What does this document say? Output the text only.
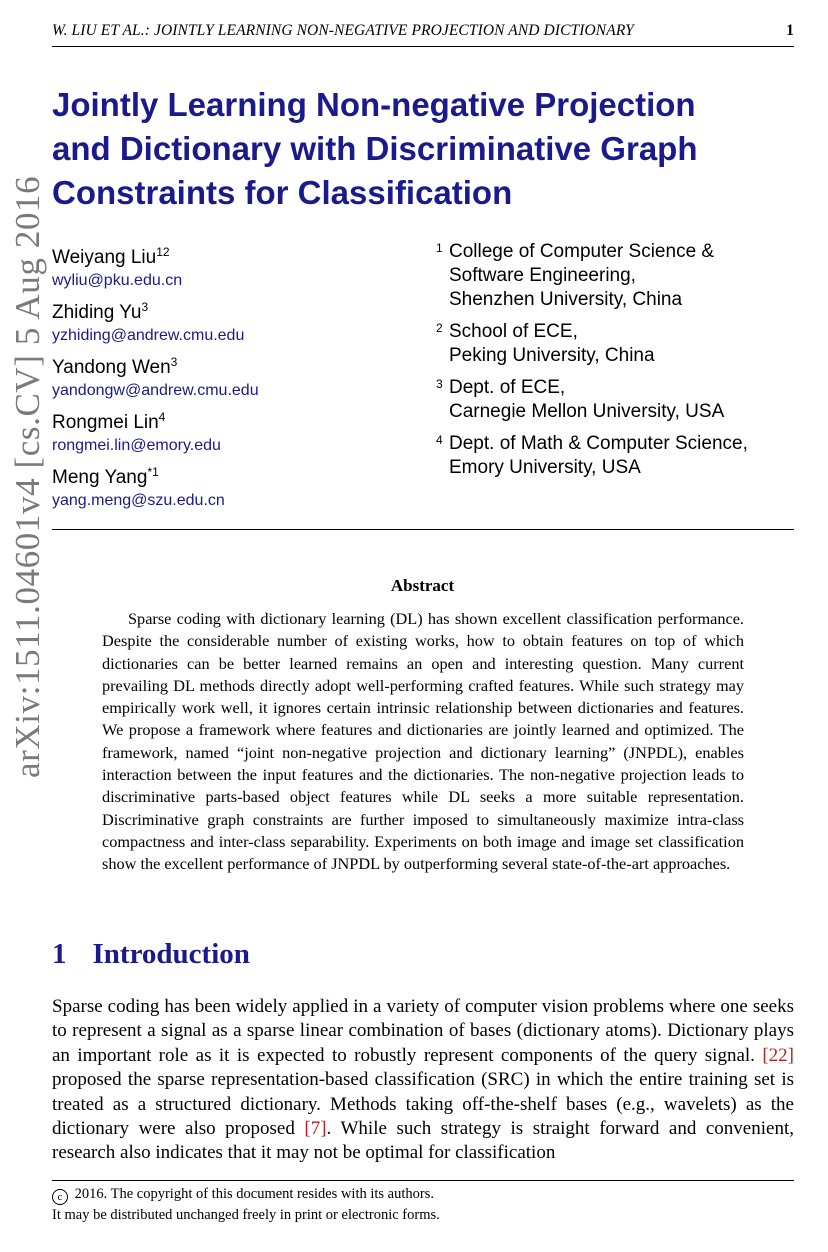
W. LIU ET AL.: JOINTLY LEARNING NON-NEGATIVE PROJECTION AND DICTIONARY	1
arXiv:1511.04601v4 [cs.CV] 5 Aug 2016
Jointly Learning Non-negative Projection
and Dictionary with Discriminative Graph
Constraints for Classification
Weiyang Liu$^{12}$
wyliu@pku.edu.cn
Zhiding Yu$^3$
yzhiding@andrew.cmu.edu
Yandong Wen$^3$
yandongw@andrew.cmu.edu
Rongmei Lin$^4$
rongmei.lin@emory.edu
Meng Yang$^{*1}$
yang.meng@szu.edu.cn
1 College of Computer Science &
Software Engineering,
Shenzhen University, China
2 School of ECE,
Peking University, China
3 Dept. of ECE,
Carnegie Mellon University, USA
4 Dept. of Math & Computer Science,
Emory University, USA
Abstract

Sparse coding with dictionary learning (DL) has shown excellent classification performance. Despite the considerable number of existing works, how to obtain features on top of which dictionaries can be better learned remains an open and interesting question. Many current prevailing DL methods directly adopt well-performing crafted features. While such strategy may empirically work well, it ignores certain intrinsic relationship between dictionaries and features. We propose a framework where features and dictionaries are jointly learned and optimized. The framework, named “joint non-negative projection and dictionary learning” (JNPDL), enables interaction between the input features and the dictionaries. The non-negative projection leads to discriminative parts-based object features while DL seeks a more suitable representation. Discriminative graph constraints are further imposed to simultaneously maximize intra-class compactness and inter-class separability. Experiments on both image and image set classification show the excellent performance of JNPDL by outperforming several state-of-the-art approaches.

1 Introduction

Sparse coding has been widely applied in a variety of computer vision problems where one seeks to represent a signal as a sparse linear combination of bases (dictionary atoms). Dictionary plays an important role as it is expected to robustly represent components of the query signal. [22] proposed the sparse representation-based classification (SRC) in which the entire training set is treated as a structured dictionary. Methods taking off-the-shelf bases (e.g., wavelets) as the dictionary were also proposed [7]. While such strategy is straight forward and convenient, research also indicates that it may not be optimal for classification

c 2016. The copyright of this document resides with its authors.
It may be distributed unchanged freely in print or electronic forms.
